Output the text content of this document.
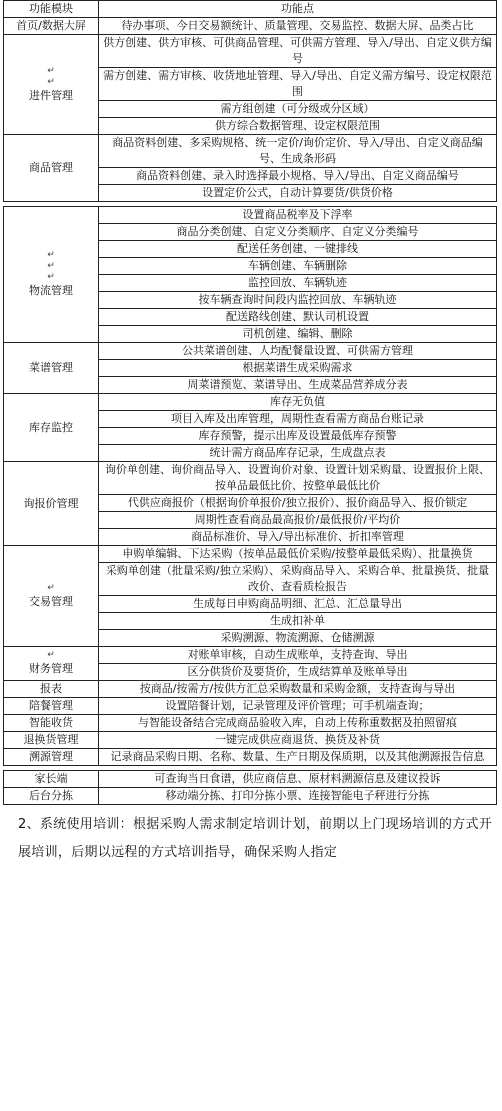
功能模块	功能点

首页/数据大屏	待办事项、今日交易额统计、质量管理、交易监控、数据大屏、品类占比

↵
↵
进件管理	供方创建、供方审核、可供商品管理、可供需方管理、导入/导出、自定义供方编号
	需方创建、需方审核、收货地址管理、导入/导出、自定义需方编号、设定权限范围
	需方组创建（可分级或分区域）
	供方综合数据管理、设定权限范围

商品管理	商品资料创建、多采购规格、统一定价/询价定价、导入/导出、自定义商品编号、生成条形码
	商品资料创建、录入时选择最小规格、导入/导出、自定义商品编号
	设置定价公式，自动计算要货/供货价格
↵
↵
↵
物流管理	设置商品税率及下浮率
	商品分类创建、自定义分类顺序、自定义分类编号
	配送任务创建、一键排线
	车辆创建、车辆删除
	监控回放、车辆轨迹
	按车辆查询时间段内监控回放、车辆轨迹
	配送路线创建、默认司机设置
	司机创建、编辑、删除

菜谱管理	公共菜谱创建、人均配餐量设置、可供需方管理
	根据菜谱生成采购需求
	周菜谱预览、菜谱导出、生成菜品营养成分表

库存监控	库存无负值
	项目入库及出库管理，周期性查看需方商品台账记录
	库存预警，提示出库及设置最低库存预警
	统计需方商品库存记录，生成盘点表

询报价管理	询价单创建、询价商品导入、设置询价对象、设置计划采购量、设置报价上限、按单品最低比价、按整单最低比价
	代供应商报价（根据询价单报价/独立报价）、报价商品导入、报价锁定
	周期性查看商品最高报价/最低报价/平均价
	商品标准价、导入/导出标准价、折扣率管理

↵
交易管理	申购单编辑、下达采购（按单品最低价采购/按整单最低采购）、批量换货
	采购单创建（批量采购/独立采购）、采购商品导入、采购合单、批量换货、批量改价、查看质检报告
	生成每日申购商品明细、汇总、汇总量导出
	生成扣补单
	采购溯源、物流溯源、仓储溯源

↵
财务管理	对账单审核，自动生成账单，支持查询、导出
	区分供货价及要货价，生成结算单及账单导出

报表	按商品/按需方/按供方汇总采购数量和采购金额，支持查询与导出

陪餐管理	设置陪餐计划，记录管理及评价管理；可手机端查询；

智能收货	与智能设备结合完成商品验收入库，自动上传称重数据及拍照留痕

退换货管理	一键完成供应商退货、换货及补货

溯源管理	记录商品采购日期、名称、数量、生产日期及保质期，以及其他溯源报告信息
家长端	可查询当日食谱，供应商信息、原材料溯源信息及建议投诉

后台分拣	移动端分拣、打印分拣小票、连接智能电子秤进行分拣
2、系统使用培训：根据采购人需求制定培训计划，前期以上门现场培训的方式开展培训，后期以远程的方式培训指导，确保采购人指定
